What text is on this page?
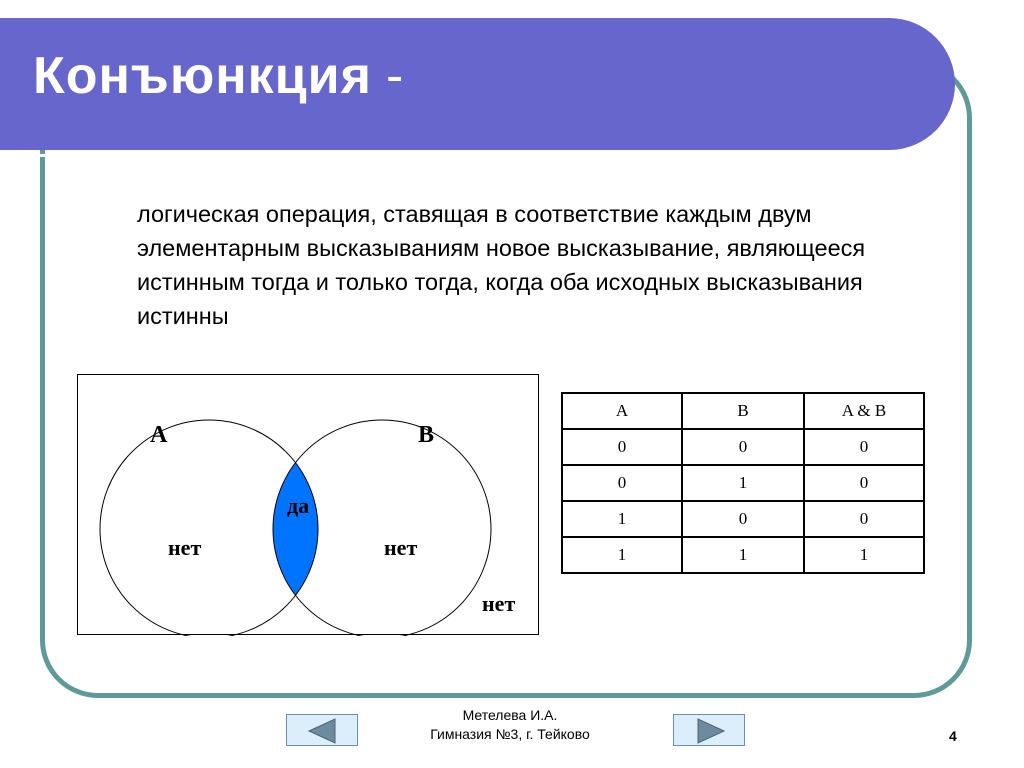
Конъюнкция -

логическая операция, ставящая в соответствие каждым двум элементарным высказываниям новое высказывание, являющееся истинным тогда и только тогда, когда оба исходных высказывания истинны

А	В
да
нет	нет
нет
A	B	A & B
0	0	0
0	1	0
1	0	0
1	1	1
Метелева И.А.
Гимназия №3, г. Тейково	4
